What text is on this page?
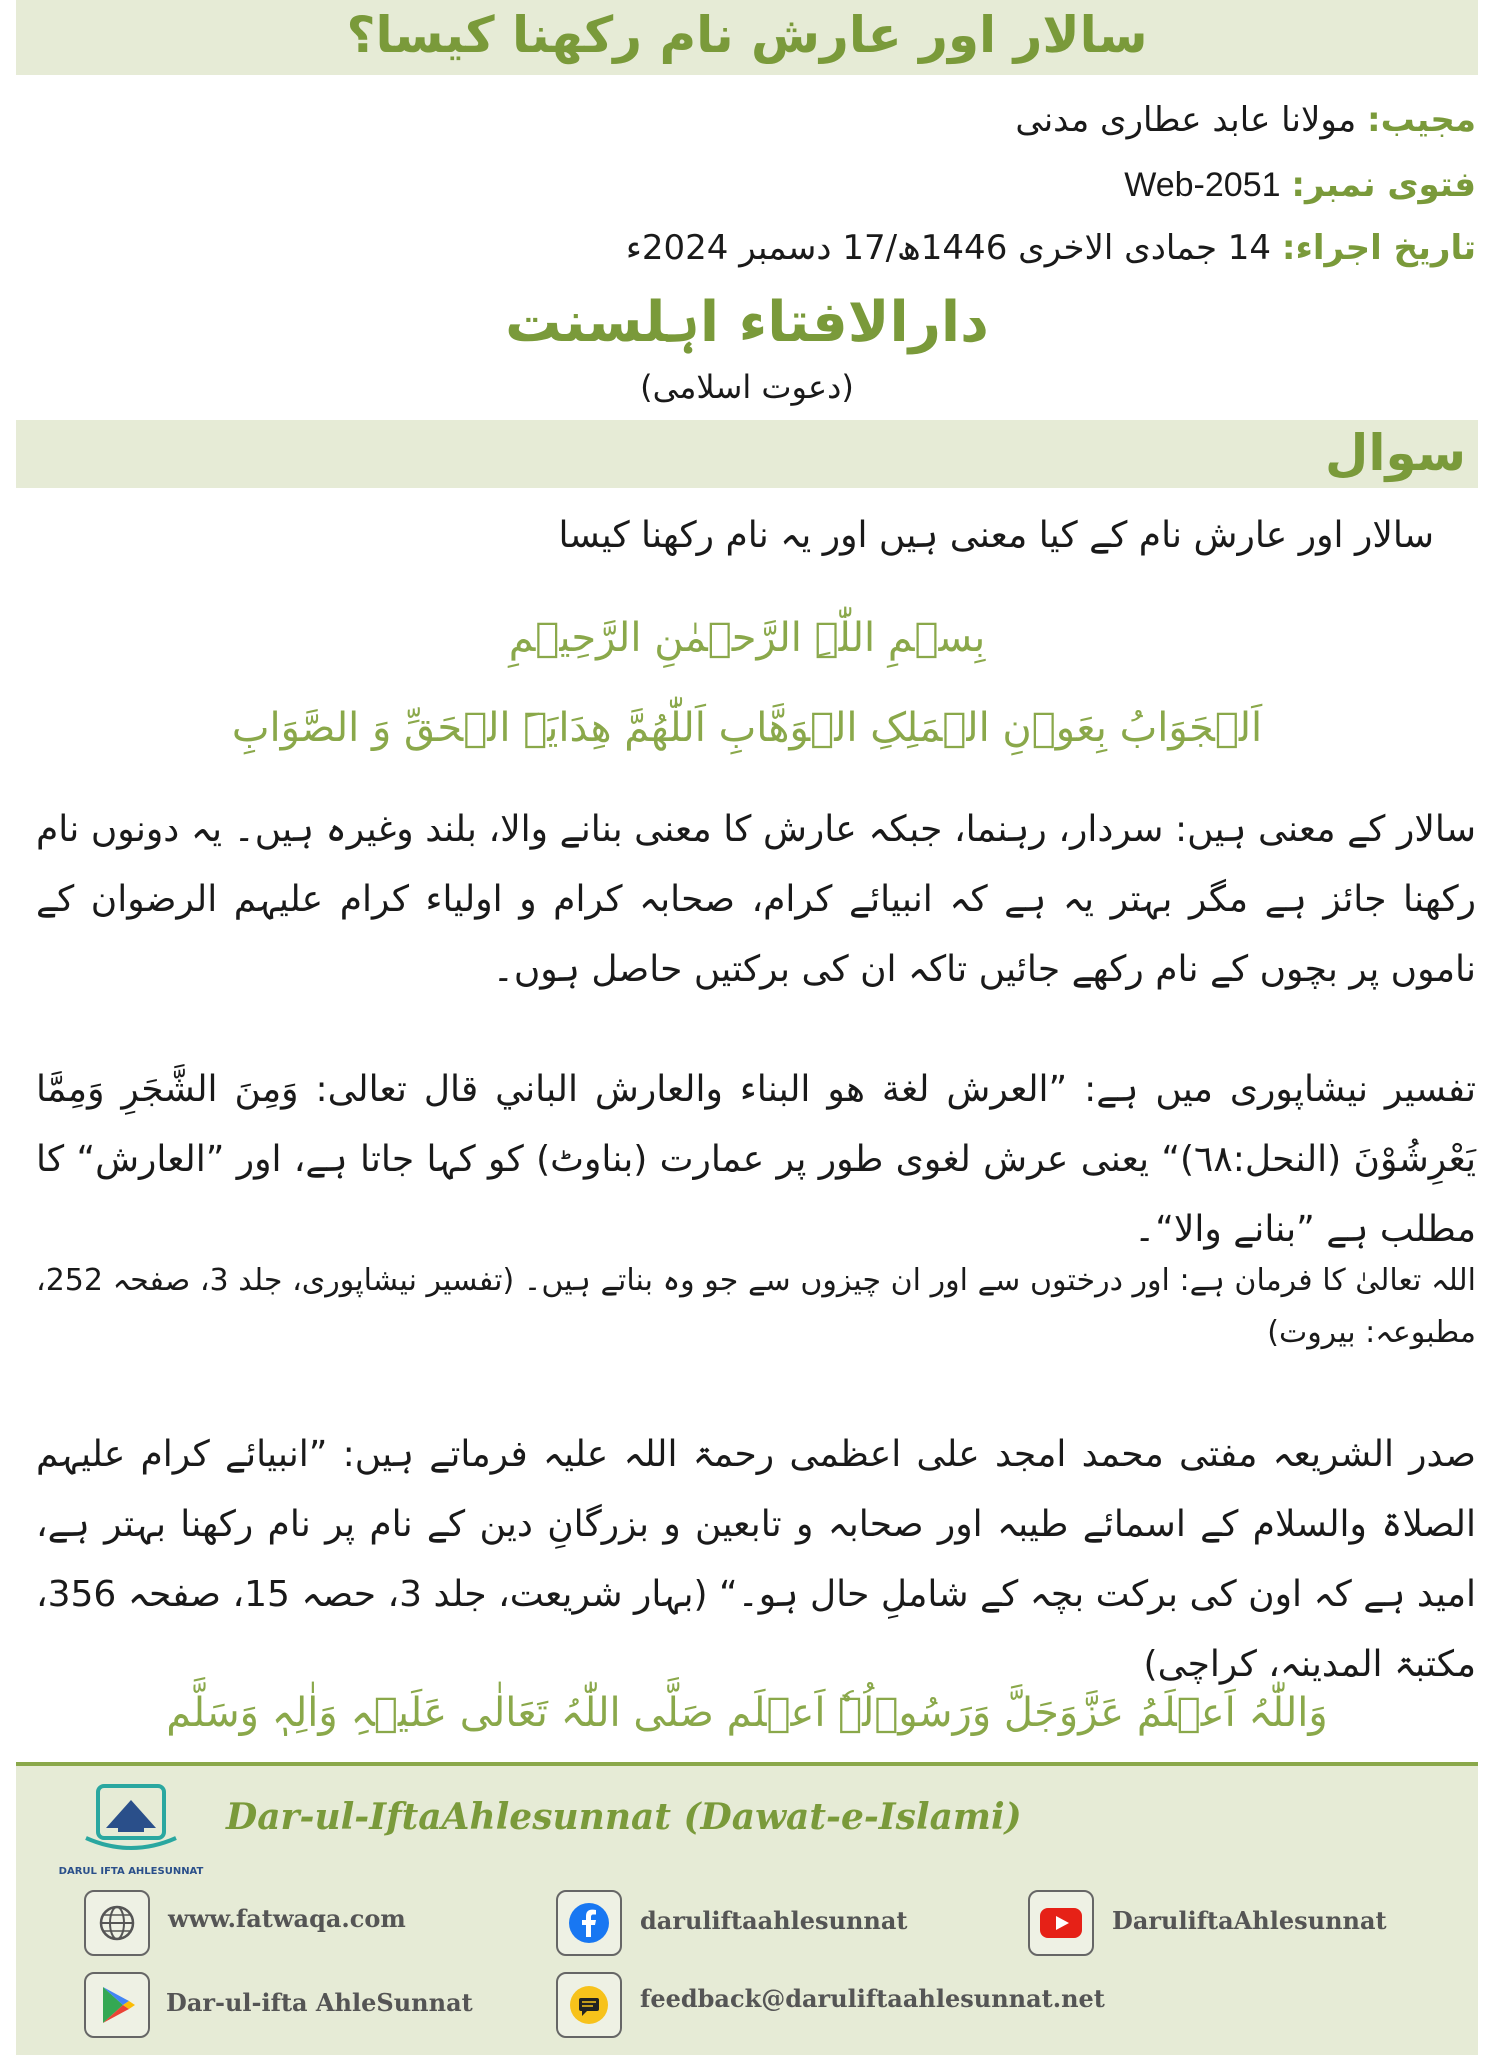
سالار اور عارش نام رکھنا کیسا؟
مجیب: مولانا عابد عطاری مدنی
فتوی نمبر: Web-2051
تاریخ اجراء: 14 جمادی الاخری 1446ھ/17 دسمبر 2024ء
دارالافتاء اہلسنت
(دعوت اسلامی)
سوال
سالار اور عارش نام کے کیا معنی ہیں اور یہ نام رکھنا کیسا
بِسۡمِ اللّٰہِ الرَّحۡمٰنِ الرَّحِیۡمِ
اَلۡجَوَابُ بِعَوۡنِ الۡمَلِکِ الۡوَھَّابِ اَللّٰھُمَّ ھِدَایَۃَ الۡحَقِّ وَ الصَّوَابِ
سالار کے معنی ہیں: سردار، رہنما، جبکہ عارش کا معنی بنانے والا، بلند وغیرہ ہیں۔ یہ دونوں نام رکھنا جائز ہے مگر بہتر یہ ہے کہ انبیائے کرام، صحابہ کرام و اولیاء کرام علیہم الرضوان کے ناموں پر بچوں کے نام رکھے جائیں تاکہ ان کی برکتیں حاصل ہوں۔
تفسیر نیشاپوری میں ہے: ”العرش لغة هو البناء والعارش الباني قال تعالی: وَمِنَ الشَّجَرِ وَمِمَّا يَعْرِشُوْنَ (النحل:٦٨)“ یعنی عرش لغوی طور پر عمارت (بناوٹ) کو کہا جاتا ہے، اور ”العارش“ کا مطلب ہے ”بنانے والا“۔
اللہ تعالیٰ کا فرمان ہے: اور درختوں سے اور ان چیزوں سے جو وہ بناتے ہیں۔ (تفسیر نیشاپوری، جلد 3، صفحہ 252، مطبوعہ: بیروت)
صدر الشریعہ مفتی محمد امجد علی اعظمی رحمۃ اللہ علیہ فرماتے ہیں: ”انبیائے کرام علیہم الصلاۃ والسلام کے اسمائے طیبہ اور صحابہ و تابعین و بزرگانِ دین کے نام پر نام رکھنا بہتر ہے، امید ہے کہ اون کی برکت بچہ کے شاملِ حال ہو۔“ (بہار شریعت، جلد 3، حصہ 15، صفحہ 356، مکتبۃ المدینہ، کراچی)
وَاللّٰہُ اَعۡلَمُ عَزَّوَجَلَّ وَرَسُوۡلُہٗ اَعۡلَم صَلَّی اللّٰہُ تَعَالٰی عَلَیۡہِ وَاٰلِہٖ وَسَلَّم
DARUL IFTA AHLESUNNAT
Dar-ul-IftaAhlesunnat (Dawat-e-Islami)
www.fatwaqa.com	daruliftaahlesunnat	DaruliftaAhlesunnat
Dar-ul-ifta AhleSunnat	feedback@daruliftaahlesunnat.net
